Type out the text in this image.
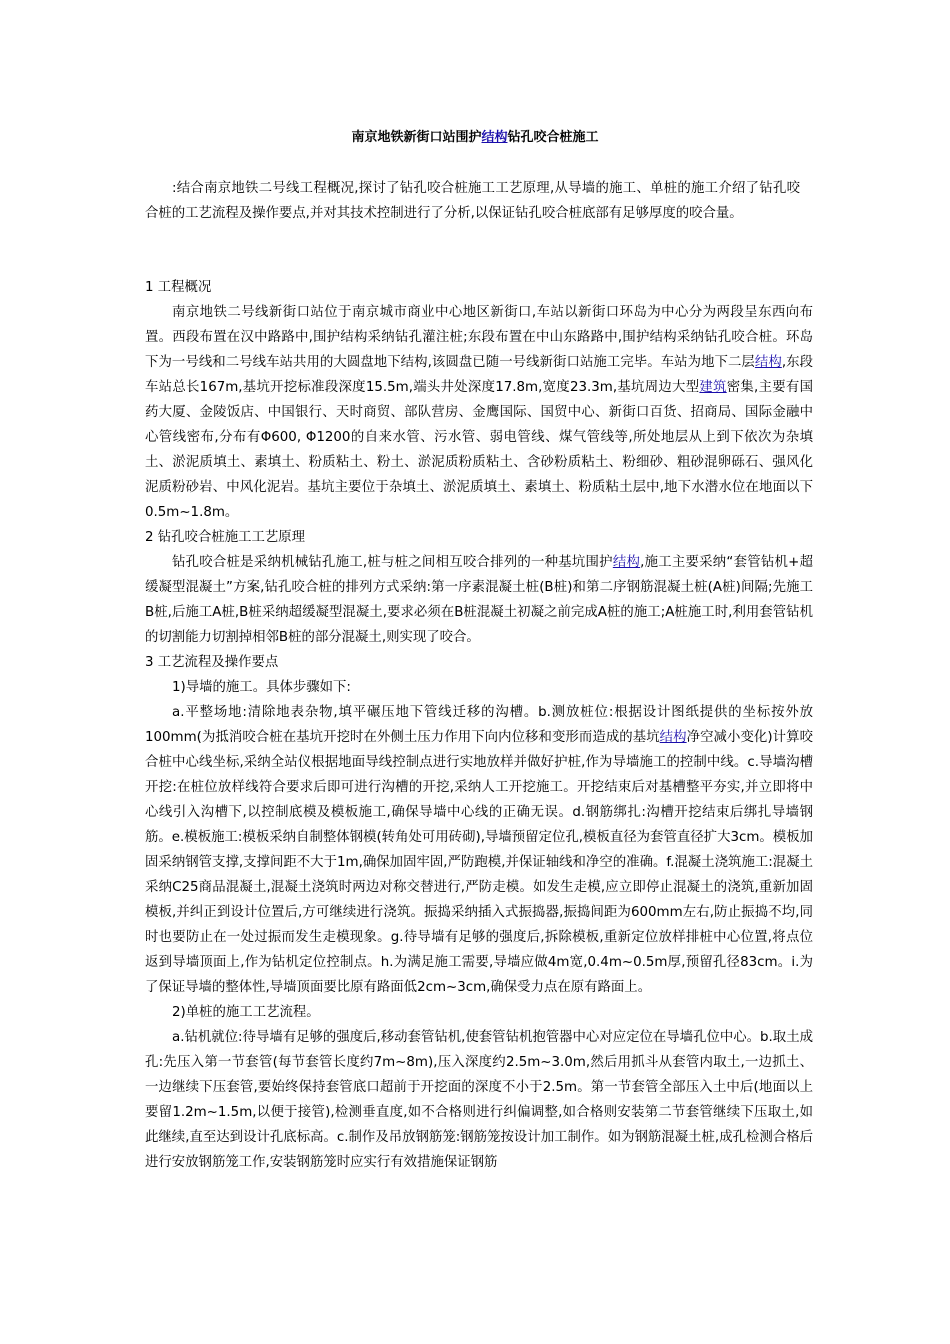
南京地铁新街口站围护结构钻孔咬合桩施工

:结合南京地铁二号线工程概况,探讨了钻孔咬合桩施工工艺原理,从导墙的施工、单桩的施工介绍了钻孔咬合桩的工艺流程及操作要点,并对其技术控制进行了分析,以保证钻孔咬合桩底部有足够厚度的咬合量。

1 工程概况

南京地铁二号线新街口站位于南京城市商业中心地区新街口,车站以新街口环岛为中心分为两段呈东西向布置。西段布置在汉中路路中,围护结构采纳钻孔灌注桩;东段布置在中山东路路中,围护结构采纳钻孔咬合桩。环岛下为一号线和二号线车站共用的大圆盘地下结构,该圆盘已随一号线新街口站施工完毕。车站为地下二层结构,东段车站总长167m,基坑开挖标准段深度15.5m,端头井处深度17.8m,宽度23.3m,基坑周边大型建筑密集,主要有国药大厦、金陵饭店、中国银行、天时商贸、部队营房、金鹰国际、国贸中心、新街口百货、招商局、国际金融中心管线密布,分布有Φ600, Φ1200的自来水管、污水管、弱电管线、煤气管线等,所处地层从上到下依次为杂填土、淤泥质填土、素填土、粉质粘土、粉土、淤泥质粉质粘土、含砂粉质粘土、粉细砂、粗砂混卵砾石、强风化泥质粉砂岩、中风化泥岩。基坑主要位于杂填土、淤泥质填土、素填土、粉质粘土层中,地下水潜水位在地面以下0.5m~1.8m。

2 钻孔咬合桩施工工艺原理

钻孔咬合桩是采纳机械钻孔施工,桩与桩之间相互咬合排列的一种基坑围护结构,施工主要采纳“套管钻机+超缓凝型混凝土”方案,钻孔咬合桩的排列方式采纳:第一序素混凝土桩(B桩)和第二序钢筋混凝土桩(A桩)间隔;先施工B桩,后施工A桩,B桩采纳超缓凝型混凝土,要求必须在B桩混凝土初凝之前完成A桩的施工;A桩施工时,利用套管钻机的切割能力切割掉相邻B桩的部分混凝土,则实现了咬合。

3 工艺流程及操作要点

1)导墙的施工。具体步骤如下:

a.平整场地:清除地表杂物,填平碾压地下管线迁移的沟槽。b.测放桩位:根据设计图纸提供的坐标按外放100mm(为抵消咬合桩在基坑开挖时在外侧土压力作用下向内位移和变形而造成的基坑结构净空减小变化)计算咬合桩中心线坐标,采纳全站仪根据地面导线控制点进行实地放样并做好护桩,作为导墙施工的控制中线。c.导墙沟槽开挖:在桩位放样线符合要求后即可进行沟槽的开挖,采纳人工开挖施工。开挖结束后对基槽整平夯实,并立即将中心线引入沟槽下,以控制底模及模板施工,确保导墙中心线的正确无误。d.钢筋绑扎:沟槽开挖结束后绑扎导墙钢筋。e.模板施工:模板采纳自制整体钢模(转角处可用砖砌),导墙预留定位孔,模板直径为套管直径扩大3cm。模板加固采纳钢管支撑,支撑间距不大于1m,确保加固牢固,严防跑模,并保证轴线和净空的准确。f.混凝土浇筑施工:混凝土采纳C25商品混凝土,混凝土浇筑时两边对称交替进行,严防走模。如发生走模,应立即停止混凝土的浇筑,重新加固模板,并纠正到设计位置后,方可继续进行浇筑。振捣采纳插入式振捣器,振捣间距为600mm左右,防止振捣不均,同时也要防止在一处过振而发生走模现象。g.待导墙有足够的强度后,拆除模板,重新定位放样排桩中心位置,将点位返到导墙顶面上,作为钻机定位控制点。h.为满足施工需要,导墙应做4m宽,0.4m~0.5m厚,预留孔径83cm。i.为了保证导墙的整体性,导墙顶面要比原有路面低2cm~3cm,确保受力点在原有路面上。

2)单桩的施工工艺流程。

a.钻机就位:待导墙有足够的强度后,移动套管钻机,使套管钻机抱管器中心对应定位在导墙孔位中心。b.取土成孔:先压入第一节套管(每节套管长度约7m~8m),压入深度约2.5m~3.0m,然后用抓斗从套管内取土,一边抓土、一边继续下压套管,要始终保持套管底口超前于开挖面的深度不小于2.5m。第一节套管全部压入土中后(地面以上要留1.2m~1.5m,以便于接管),检测垂直度,如不合格则进行纠偏调整,如合格则安装第二节套管继续下压取土,如此继续,直至达到设计孔底标高。c.制作及吊放钢筋笼:钢筋笼按设计加工制作。如为钢筋混凝土桩,成孔检测合格后进行安放钢筋笼工作,安装钢筋笼时应实行有效措施保证钢筋
